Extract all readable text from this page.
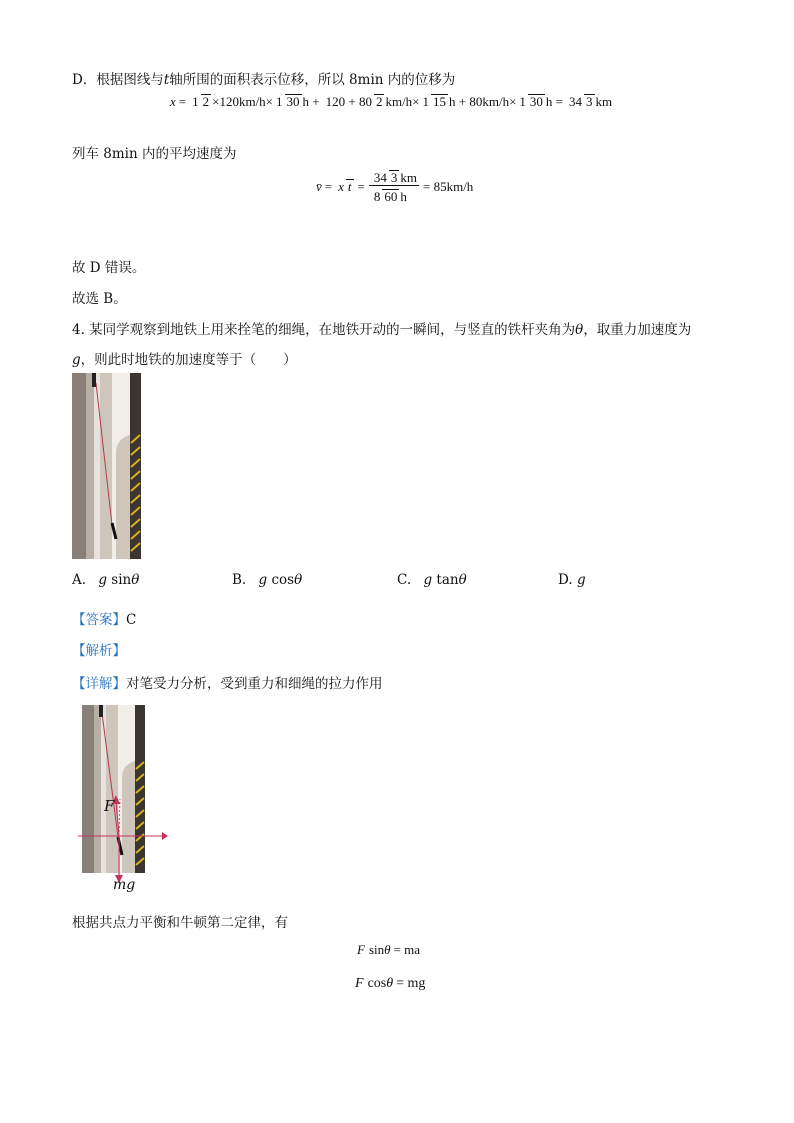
D．根据图线与t轴所围的面积表示位移，所以 8min 内的位移为
x = 1 2 ×120km/h× 1 30 h + 120 + 80 2 km/h× 1 15 h + 80km/h× 1 30 h = 34 3 km
列车 8min 内的平均速度为
v̄ = x $t = \frac{34 3 km}{8 60 h} = 85km/h$
故 D 错误。
故选 B。
4. 某同学观察到地铁上用来拴笔的细绳，在地铁开动的一瞬间，与竖直的铁杆夹角为θ，取重力加速度为
g，则此时地铁的加速度等于（　　）
A. g sinθ	B. g cosθ	C. g tanθ	D. g
【答案】C
【解析】
【详解】对笔受力分析，受到重力和细绳的拉力作用
F
mg
根据共点力平衡和牛顿第二定律，有
F sin θ = ma
F cos θ = mg
